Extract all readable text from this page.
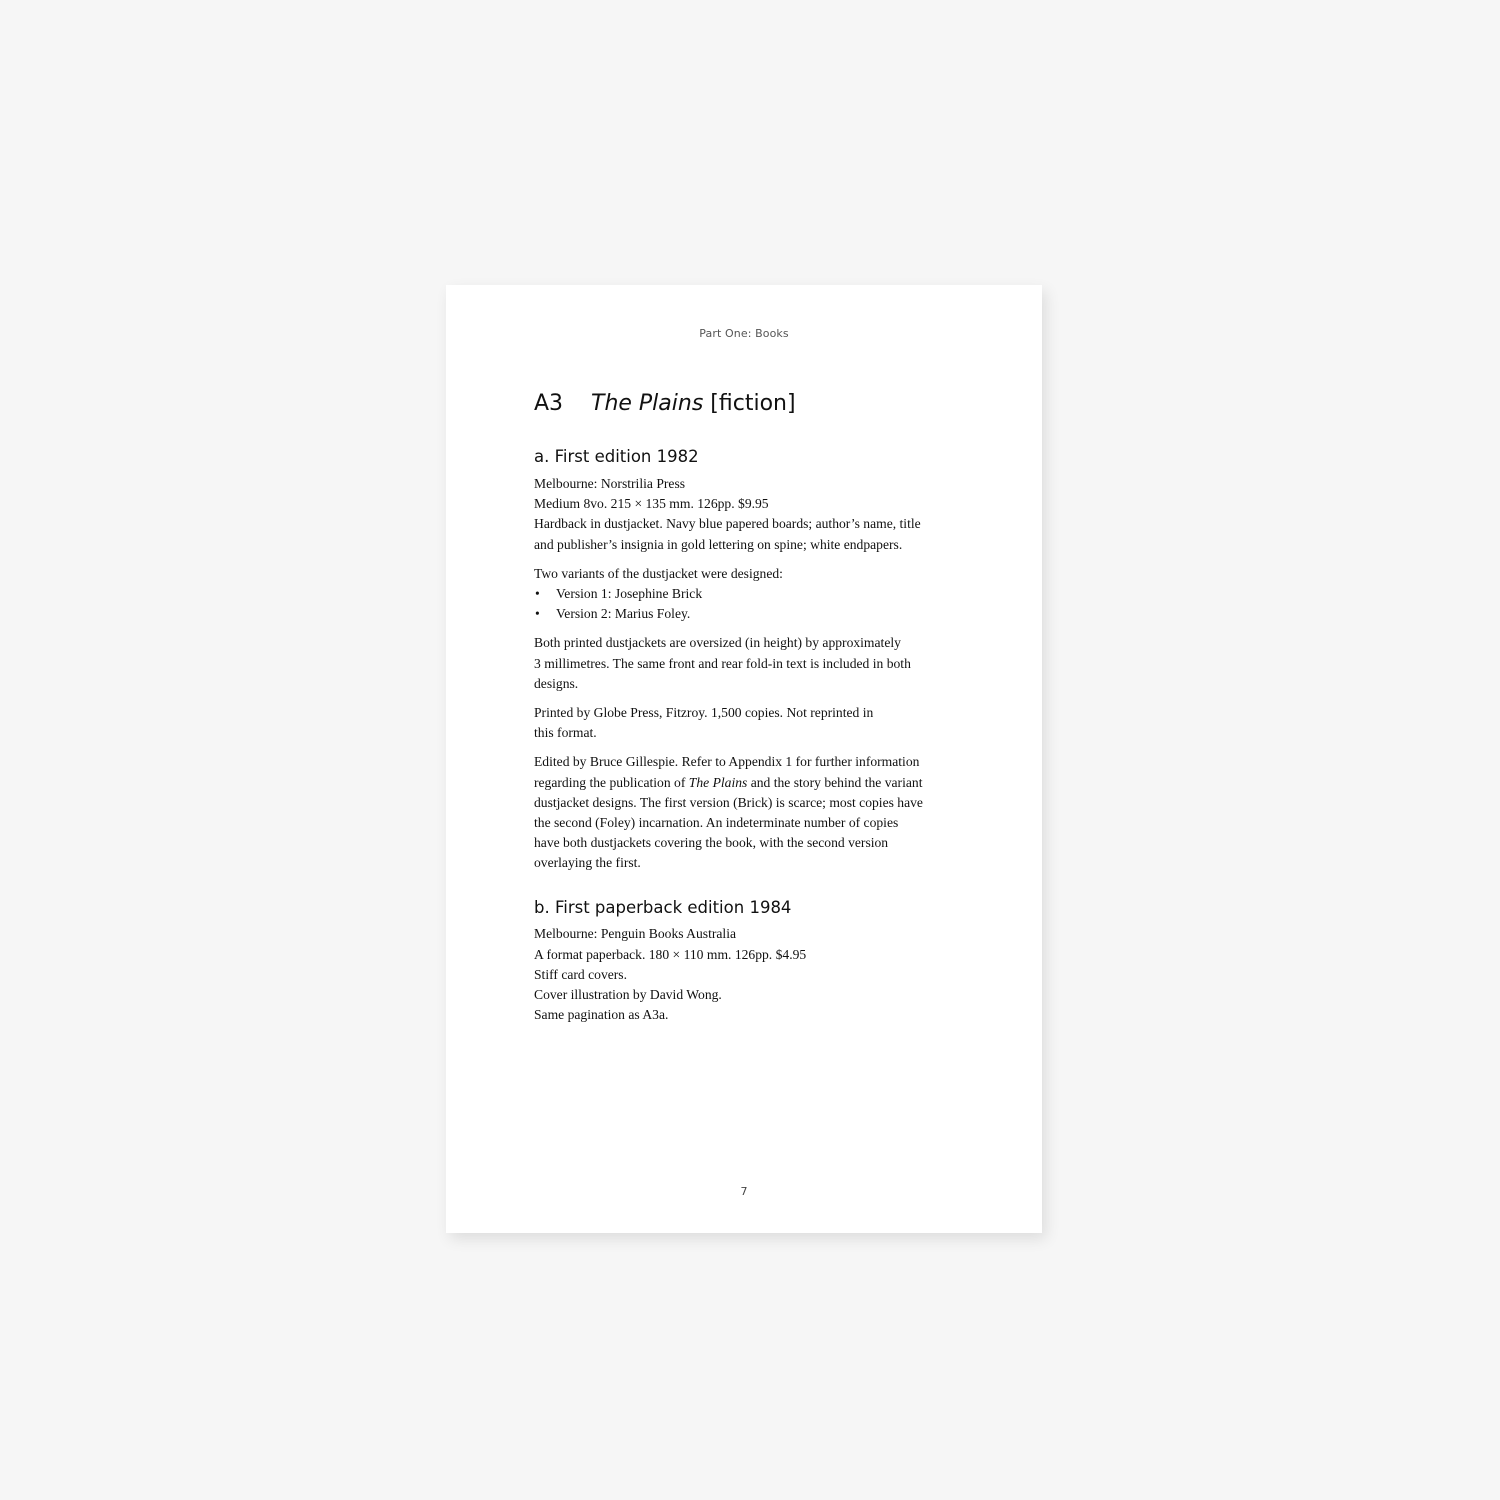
Part One: Books
A3 The Plains [fiction]
a. First edition 1982

Melbourne: Norstrilia Press
Medium 8vo. 215 × 135 mm. 126pp. $9.95
Hardback in dustjacket. Navy blue papered boards; author’s name, title
and publisher’s insignia in gold lettering on spine; white endpapers.

Two variants of the dustjacket were designed:
• Version 1: Josephine Brick
• Version 2: Marius Foley.

Both printed dustjackets are oversized (in height) by approximately
3 millimetres. The same front and rear fold-in text is included in both
designs.

Printed by Globe Press, Fitzroy. 1,500 copies. Not reprinted in
this format.

Edited by Bruce Gillespie. Refer to Appendix 1 for further information
regarding the publication of The Plains and the story behind the variant
dustjacket designs. The first version (Brick) is scarce; most copies have
the second (Foley) incarnation. An indeterminate number of copies
have both dustjackets covering the book, with the second version
overlaying the first.

b. First paperback edition 1984

Melbourne: Penguin Books Australia
A format paperback. 180 × 110 mm. 126pp. $4.95
Stiff card covers.
Cover illustration by David Wong.
Same pagination as A3a.

7
